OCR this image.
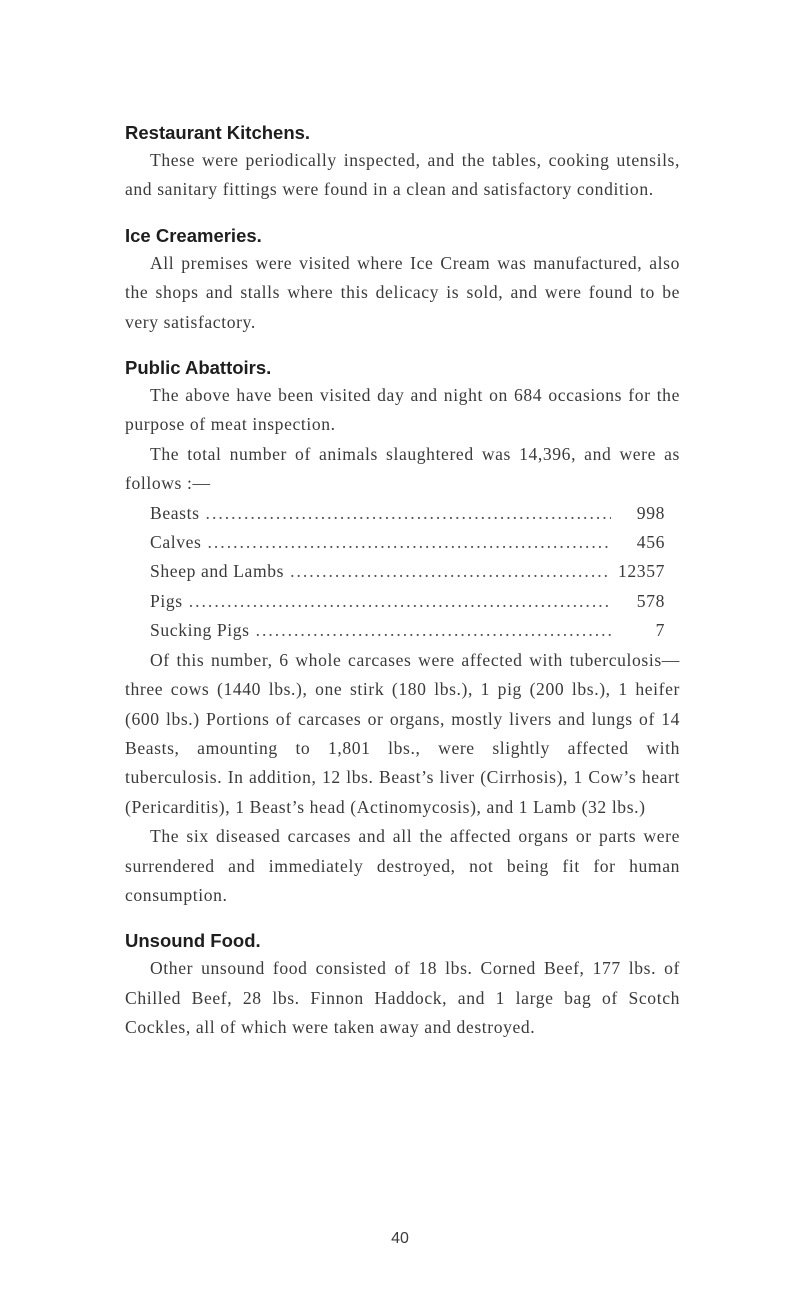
Restaurant Kitchens.

These were periodically inspected, and the tables, cooking utensils, and sanitary fittings were found in a clean and satisfactory condition.

Ice Creameries.

All premises were visited where Ice Cream was manufactured, also the shops and stalls where this delicacy is sold, and were found to be very satisfactory.

Public Abattoirs.

The above have been visited day and night on 684 occasions for the purpose of meat inspection.

The total number of animals slaughtered was 14,396, and were as follows :—

Beasts .....	998
Calves .....	456
Sheep and Lambs .....	12357
Pigs .....	578
Sucking Pigs .....	7

Of this number, 6 whole carcases were affected with tuberculosis—three cows (1440 lbs.), one stirk (180 lbs.), 1 pig (200 lbs.), 1 heifer (600 lbs.) Portions of carcases or organs, mostly livers and lungs of 14 Beasts, amounting to 1,801 lbs., were slightly affected with tuberculosis. In addition, 12 lbs. Beast’s liver (Cirrhosis), 1 Cow’s heart (Pericarditis), 1 Beast’s head (Actinomycosis), and 1 Lamb (32 lbs.)

The six diseased carcases and all the affected organs or parts were surrendered and immediately destroyed, not being fit for human consumption.

Unsound Food.

Other unsound food consisted of 18 lbs. Corned Beef, 177 lbs. of Chilled Beef, 28 lbs. Finnon Haddock, and 1 large bag of Scotch Cockles, all of which were taken away and destroyed.

40
